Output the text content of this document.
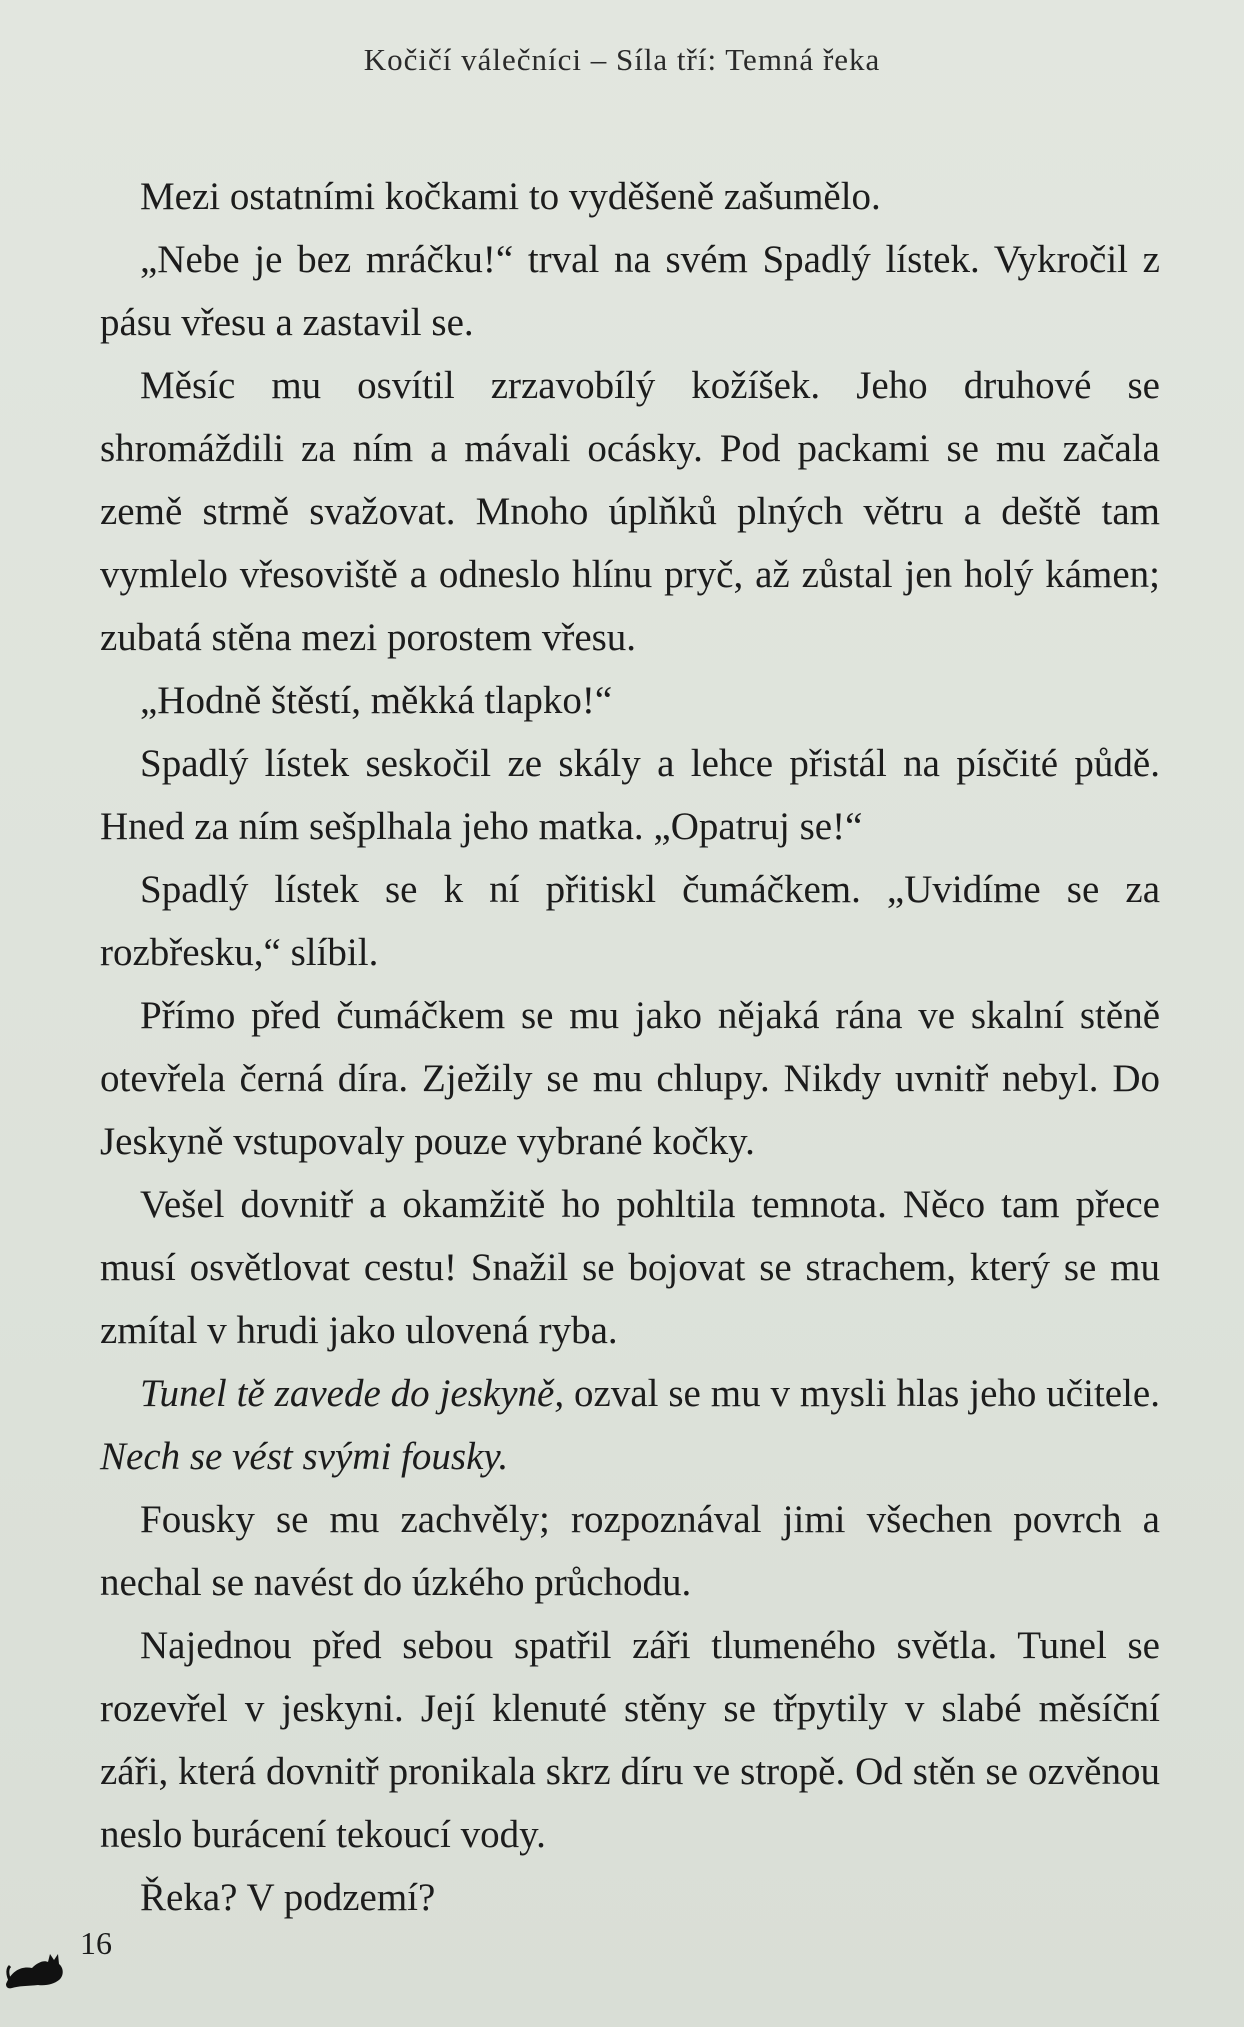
Kočičí válečníci – Síla tří: Temná řeka

Mezi ostatními kočkami to vyděšeně zašumělo.

„Nebe je bez mráčku!“ trval na svém Spadlý lístek. Vykročil z pásu vřesu a zastavil se.

Měsíc mu osvítil zrzavobílý kožíšek. Jeho druhové se shromáždili za ním a mávali ocásky. Pod packami se mu začala země strmě svažovat. Mnoho úplňků plných větru a deště tam vymlelo vřesoviště a odneslo hlínu pryč, až zůstal jen holý kámen; zubatá stěna mezi porostem vřesu.

„Hodně štěstí, měkká tlapko!“

Spadlý lístek seskočil ze skály a lehce přistál na písčité půdě. Hned za ním sešplhala jeho matka. „Opatruj se!“

Spadlý lístek se k ní přitiskl čumáčkem. „Uvidíme se za rozbřesku,“ slíbil.

Přímo před čumáčkem se mu jako nějaká rána ve skalní stěně otevřela černá díra. Zježily se mu chlupy. Nikdy uvnitř nebyl. Do Jeskyně vstupovaly pouze vybrané kočky.

Vešel dovnitř a okamžitě ho pohltila temnota. Něco tam přece musí osvětlovat cestu! Snažil se bojovat se strachem, který se mu zmítal v hrudi jako ulovená ryba.

Tunel tě zavede do jeskyně, ozval se mu v mysli hlas jeho učitele. Nech se vést svými fousky.

Fousky se mu zachvěly; rozpoznával jimi všechen povrch a nechal se navést do úzkého průchodu.

Najednou před sebou spatřil záři tlumeného světla. Tunel se rozevřel v jeskyni. Její klenuté stěny se třpytily v slabé měsíční záři, která dovnitř pronikala skrz díru ve stropě. Od stěn se ozvěnou neslo burácení tekoucí vody.

Řeka? V podzemí?

16
